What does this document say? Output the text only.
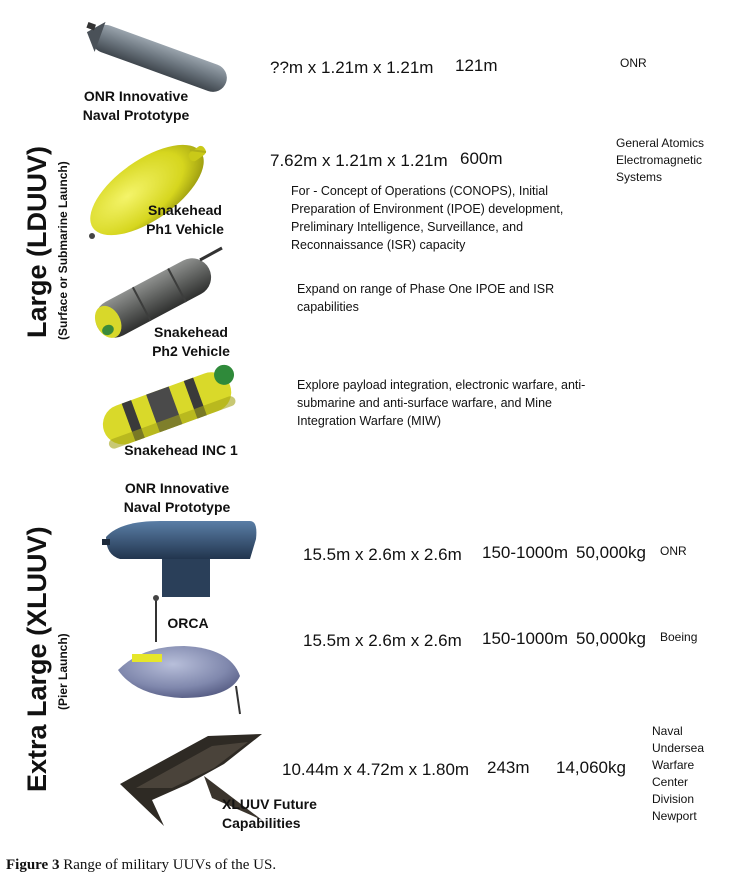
Large (LDUUV) (Surface or Submarine Launch)
Extra Large (XLUUV) (Pier Launch)
ONR Innovative Naval Prototype
??m x 1.21m x 1.21m 121m	ONR
Snakehead Ph1 Vehicle
7.62m x 1.21m x 1.21m 600m
General Atomics Electromagnetic Systems
For - Concept of Operations (CONOPS), Initial Preparation of Environment (IPOE) development, Preliminary Intelligence, Surveillance, and Reconnaissance (ISR) capacity
Snakehead Ph2 Vehicle
Expand on range of Phase One IPOE and ISR capabilities
Snakehead INC 1
Explore payload integration, electronic warfare, anti-submarine and anti-surface warfare, and Mine Integration Warfare (MIW)
ONR Innovative Naval Prototype
15.5m x 2.6m x 2.6m 150-1000m 50,000kg ONR
ORCA
15.5m x 2.6m x 2.6m 150-1000m 50,000kg Boeing
XLUUV Future Capabilities
10.44m x 4.72m x 1.80m 243m 14,060kg
Naval Undersea Warfare Center Division Newport
Figure 3 Range of military UUVs of the US.
